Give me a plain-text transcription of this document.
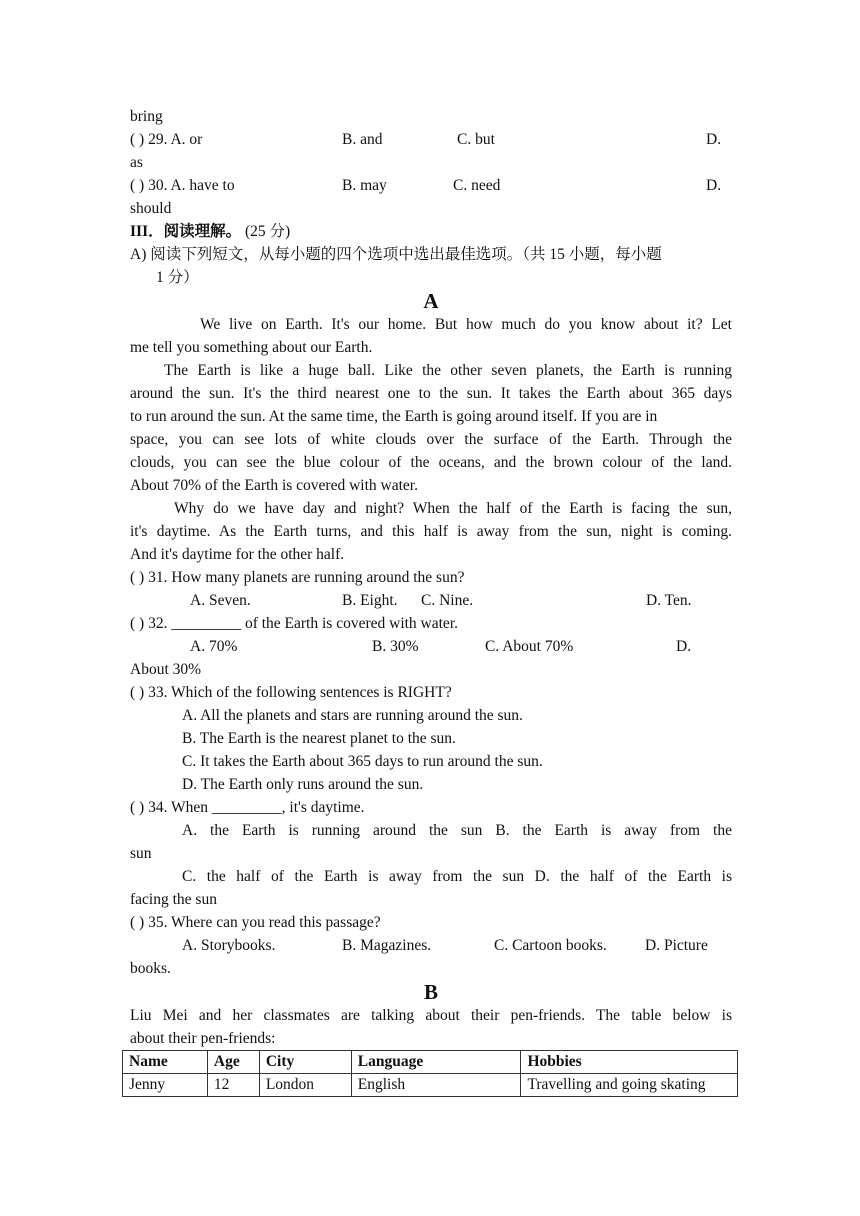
bring
( ) 29. A. or	B. and	C. but	D.
as
( ) 30. A. have to	B. may	C. need	D.
should
III．阅读理解。 (25 分)
A) 阅读下列短文，从每小题的四个选项中选出最佳选项。（共 15 小题，每小题
1 分）
A
We live on Earth. It's our home. But how much do you know about it? Let
me tell you something about our Earth.
The Earth is like a huge ball. Like the other seven planets, the Earth is running
around the sun. It's the third nearest one to the sun. It takes the Earth about 365 days
to run around the sun. At the same time, the Earth is going around itself. If you are in
space, you can see lots of white clouds over the surface of the Earth. Through the
clouds, you can see the blue colour of the oceans, and the brown colour of the land.
About 70% of the Earth is covered with water.
Why do we have day and night? When the half of the Earth is facing the sun,
it's daytime. As the Earth turns, and this half is away from the sun, night is coming.
And it's daytime for the other half.
( ) 31. How many planets are running around the sun?
A. Seven.	B. Eight. C. Nine.	D. Ten.
( ) 32. _________ of the Earth is covered with water.
A. 70%	B. 30%	C. About 70%	D.
About 30%
( ) 33. Which of the following sentences is RIGHT?
A. All the planets and stars are running around the sun.
B. The Earth is the nearest planet to the sun.
C. It takes the Earth about 365 days to run around the sun.
D. The Earth only runs around the sun.
( ) 34. When _________, it's daytime.
A. the Earth is running around the sun B. the Earth is away from the
sun
C. the half of the Earth is away from the sun D. the half of the Earth is
facing the sun
( ) 35. Where can you read this passage?
A. Storybooks.	B. Magazines.	C. Cartoon books. D. Picture
books.
B
Liu Mei and her classmates are talking about their pen-friends. The table below is
about their pen-friends:
Name	Age	City	Language	Hobbies
Jenny	12	London	English	Travelling and going skating
